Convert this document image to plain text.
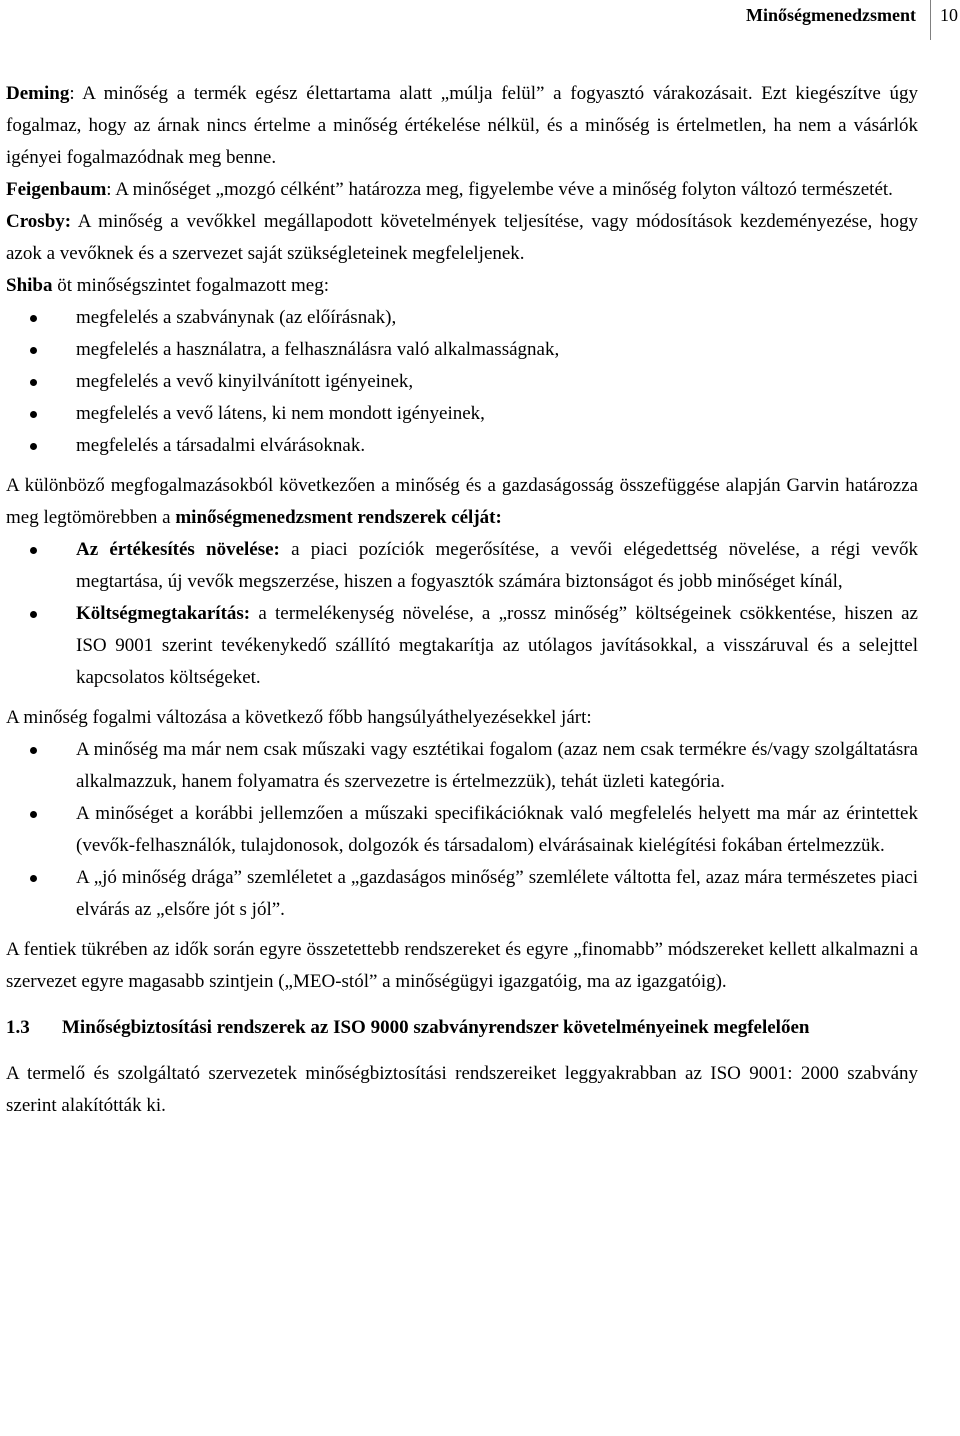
Minőségmenedzsment 10

Deming: A minőség a termék egész élettartama alatt „múlja felül” a fogyasztó várakozásait. Ezt kiegészítve úgy fogalmaz, hogy az árnak nincs értelme a minőség értékelése nélkül, és a minőség is értelmetlen, ha nem a vásárlók igényei fogalmazódnak meg benne.

Feigenbaum: A minőséget „mozgó célként” határozza meg, figyelembe véve a minőség folyton változó természetét.

Crosby: A minőség a vevőkkel megállapodott követelmények teljesítése, vagy módosítások kezdeményezése, hogy azok a vevőknek és a szervezet saját szükségleteinek megfeleljenek.

Shiba öt minőségszintet fogalmazott meg:

megfelelés a szabványnak (az előírásnak),
megfelelés a használatra, a felhasználásra való alkalmasságnak,
megfelelés a vevő kinyilvánított igényeinek,
megfelelés a vevő látens, ki nem mondott igényeinek,
megfelelés a társadalmi elvárásoknak.

A különböző megfogalmazásokból következően a minőség és a gazdaságosság összefüggése alapján Garvin határozza meg legtömörebben a minőségmenedzsment rendszerek célját:

Az értékesítés növelése: a piaci pozíciók megerősítése, a vevői elégedettség növelése, a régi vevők megtartása, új vevők megszerzése, hiszen a fogyasztók számára biztonságot és jobb minőséget kínál,
Költségmegtakarítás: a termelékenység növelése, a „rossz minőség” költségeinek csökkentése, hiszen az ISO 9001 szerint tevékenykedő szállító megtakarítja az utólagos javításokkal, a visszáruval és a selejttel kapcsolatos költségeket.

A minőség fogalmi változása a következő főbb hangsúlyáthelyezésekkel járt:

A minőség ma már nem csak műszaki vagy esztétikai fogalom (azaz nem csak termékre és/vagy szolgáltatásra alkalmazzuk, hanem folyamatra és szervezetre is értelmezzük), tehát üzleti kategória.
A minőséget a korábbi jellemzően a műszaki specifikációknak való megfelelés helyett ma már az érintettek (vevők-felhasználók, tulajdonosok, dolgozók és társadalom) elvárásainak kielégítési fokában értelmezzük.
A „jó minőség drága” szemléletet a „gazdaságos minőség” szemlélete váltotta fel, azaz mára természetes piaci elvárás az „elsőre jót s jól”.

A fentiek tükrében az idők során egyre összetettebb rendszereket és egyre „finomabb” módszereket kellett alkalmazni a szervezet egyre magasabb szintjein („MEO-stól” a minőségügyi igazgatóig, ma az igazgatóig).

1.3	Minőségbiztosítási rendszerek az ISO 9000 szabványrendszer követelményeinek megfelelően

A termelő és szolgáltató szervezetek minőségbiztosítási rendszereiket leggyakrabban az ISO 9001: 2000 szabvány szerint alakítótták ki.
